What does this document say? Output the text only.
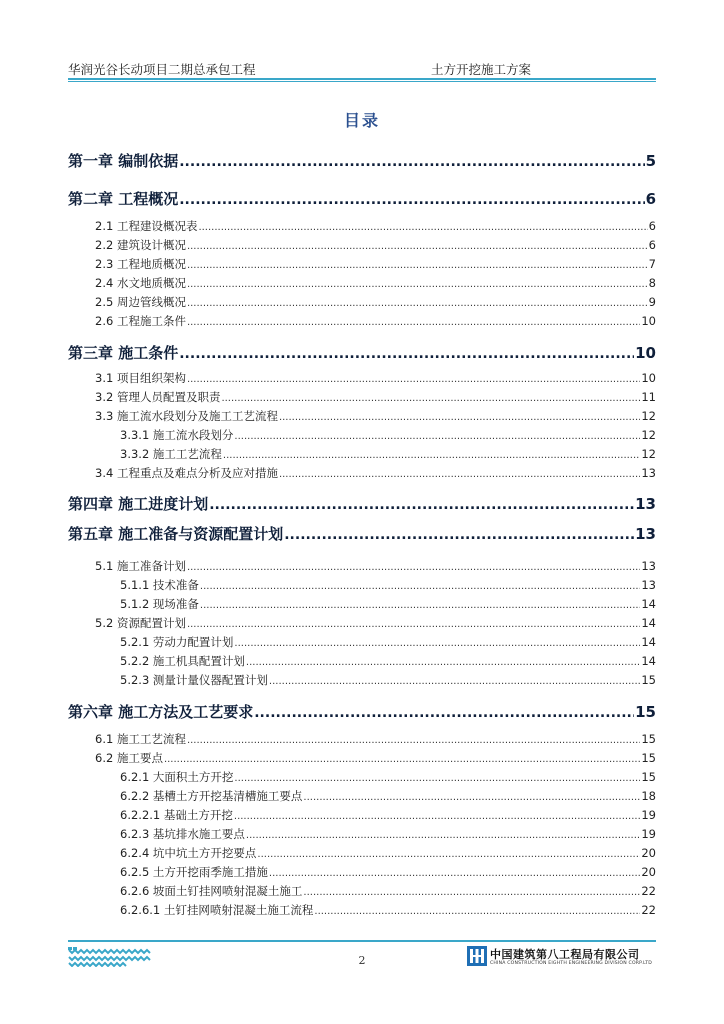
华润光谷长动项目二期总承包工程	土方开挖施工方案
目录
第一章 编制依据 .....	5
第二章 工程概况 .....	6
2.1 工程建设概况表 .....	6
2.2 建筑设计概况 .....	6
2.3 工程地质概况 .....	7
2.4 水文地质概况 .....	8
2.5 周边管线概况 .....	9
2.6 工程施工条件 .....	10
第三章 施工条件 .....	10
3.1 项目组织架构 .....	10
3.2 管理人员配置及职责 .....	11
3.3 施工流水段划分及施工工艺流程 .....	12
3.3.1 施工流水段划分 .....	12
3.3.2 施工工艺流程 .....	12
3.4 工程重点及难点分析及应对措施 .....	13
第四章 施工进度计划 .....	13
第五章 施工准备与资源配置计划 .....	13
5.1 施工准备计划 .....	13
5.1.1 技术准备 .....	13
5.1.2 现场准备 .....	14
5.2 资源配置计划 .....	14
5.2.1 劳动力配置计划 .....	14
5.2.2 施工机具配置计划 .....	14
5.2.3 测量计量仪器配置计划 .....	15
第六章 施工方法及工艺要求 .....	15
6.1 施工工艺流程 .....	15
6.2 施工要点 .....	15
6.2.1 大面积土方开挖 .....	15
6.2.2 基槽土方开挖基清槽施工要点 .....	18
6.2.2.1 基础土方开挖 .....	19
6.2.3 基坑排水施工要点 .....	19
6.2.4 坑中坑土方开挖要点 .....	20
6.2.5 土方开挖雨季施工措施 .....	20
6.2.6 坡面土钉挂网喷射混凝土施工 .....	22
6.2.6.1 土钉挂网喷射混凝土施工流程 .....	22
2	中国建筑第八工程局有限公司
CHINA CONSTRUCTION EIGHTH ENGINEERING DIVISION CORP.LTD
